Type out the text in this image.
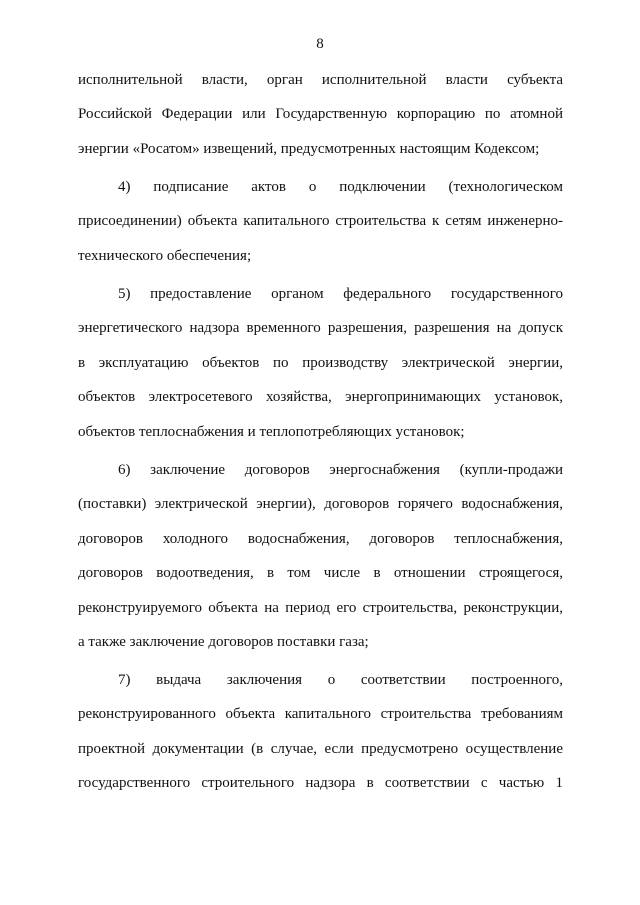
8
исполнительной власти, орган исполнительной власти субъекта
Российской Федерации или Государственную корпорацию по атомной
энергии «Росатом» извещений, предусмотренных настоящим Кодексом;
4) подписание актов о подключении (технологическом
присоединении) объекта капитального строительства к сетям инженерно-
технического обеспечения;
5) предоставление органом федерального государственного
энергетического надзора временного разрешения, разрешения на допуск
в эксплуатацию объектов по производству электрической энергии,
объектов электросетевого хозяйства, энергопринимающих установок,
объектов теплоснабжения и теплопотребляющих установок;
6) заключение договоров энергоснабжения (купли-продажи
(поставки) электрической энергии), договоров горячего водоснабжения,
договоров холодного водоснабжения, договоров теплоснабжения,
договоров водоотведения, в том числе в отношении строящегося,
реконструируемого объекта на период его строительства, реконструкции,
а также заключение договоров поставки газа;
7) выдача заключения о соответствии построенного,
реконструированного объекта капитального строительства требованиям
проектной документации (в случае, если предусмотрено осуществление
государственного строительного надзора в соответствии с частью 1
